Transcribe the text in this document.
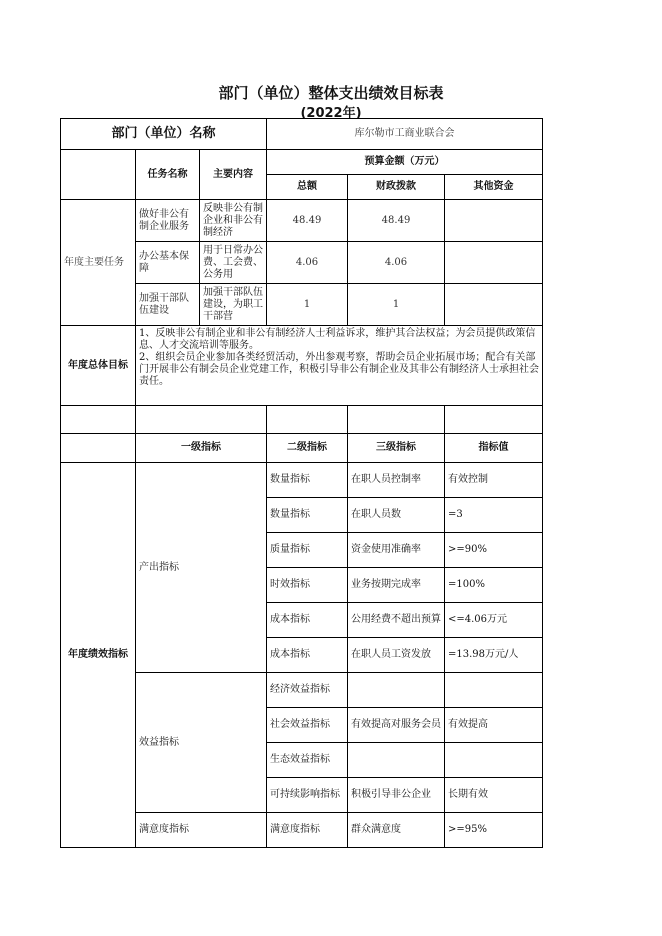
部门（单位）整体支出绩效目标表
(2022年)
部门（单位）名称			库尔勒市工商业联合会		
	任务名称	主要内容	预算金额（万元）		
			总额	财政拨款	其他资金
年度主要任务	做好非公有制企业服务	反映非公有制企业和非公有制经济	48.49	48.49	
	办公基本保障	用于日常办公费、工会费、公务用	4.06	4.06	
	加强干部队伍建设	加强干部队伍建设，为职工干部营	1	1	
年度总体目标	1、反映非公有制企业和非公有制经济人士利益诉求，维护其合法权益；为会员提供政策信息、人才交流培训等服务。
2、组织会员企业参加各类经贸活动，外出参观考察，帮助会员企业拓展市场；配合有关部门开展非公有制会员企业党建工作，积极引导非公有制企业及其非公有制经济人士承担社会责任。				

	一级指标		二级指标	三级指标	指标值
年度绩效指标	产出指标		数量指标	在职人员控制率	有效控制
			数量指标	在职人员数	=3
			质量指标	资金使用准确率	>=90%
			时效指标	业务按期完成率	=100%
			成本指标	公用经费不超出预算	<=4.06万元
			成本指标	在职人员工资发放	=13.98万元/人
	效益指标		经济效益指标		
			社会效益指标	有效提高对服务会员	有效提高
			生态效益指标		
			可持续影响指标	积极引导非公企业	长期有效
	满意度指标		满意度指标	群众满意度	>=95%
